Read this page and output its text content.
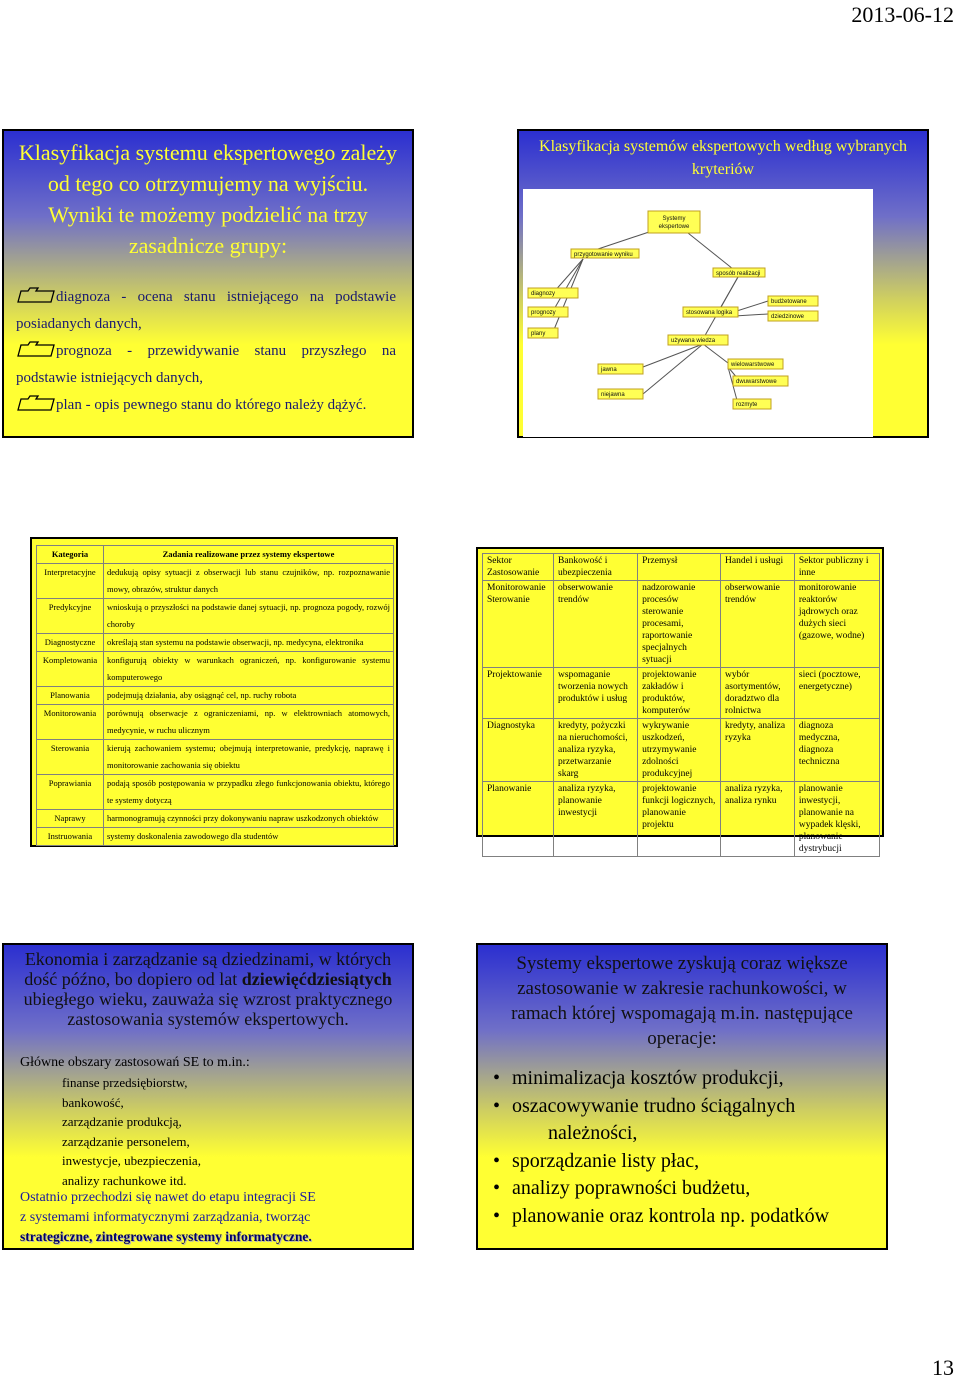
2013-06-12
Klasyfikacja systemu ekspertowego zależy od tego co otrzymujemy na wyjściu. Wyniki te możemy podzielić na trzy zasadnicze grupy:
diagnoza - ocena stanu istniejącego na podstawie posiadanych danych,
prognoza - przewidywanie stanu przyszłego na podstawie istniejących danych,
plan - opis pewnego stanu do którego należy dążyć.
Klasyfikacja systemów ekspertowych według wybranych kryteriów
Systemy
ekspertowe
przygotowanie wyniku
sposób realizacji
diagnozy
prognozy
plany
stosowana logika
budżetowane
dziedzinowe
używana wiedza
wielowarstwowe
jawna
dwuwarstwowe
niejawna
rozmyte
Kategoria	Zadania realizowane przez systemy ekspertowe
Interpretacyjne	dedukują opisy sytuacji z obserwacji lub stanu czujników, np. rozpoznawanie mowy, obrazów, struktur danych
Predykcyjne	wnioskują o przyszłości na podstawie danej sytuacji, np. prognoza pogody, rozwój choroby
Diagnostyczne	określają stan systemu na podstawie obserwacji, np. medycyna, elektronika
Kompletowania	konfigurują obiekty w warunkach ograniczeń, np. konfigurowanie systemu komputerowego
Planowania	podejmują działania, aby osiągnąć cel, np. ruchy robota
Monitorowania	porównują obserwacje z ograniczeniami, np. w elektrowniach atomowych, medycynie, w ruchu ulicznym
Sterowania	kierują zachowaniem systemu; obejmują interpretowanie, predykcję, naprawę i monitorowanie zachowania się obiektu
Poprawiania	podają sposób postępowania w przypadku złego funkcjonowania obiektu, którego te systemy dotyczą
Naprawy	harmonogramują czynności przy dokonywaniu napraw uszkodzonych obiektów
Instruowania	systemy doskonalenia zawodowego dla studentów
Sektor Zastosowanie	Bankowość i ubezpieczenia	Przemysł	Handel i usługi	Sektor publiczny i inne
Monitorowanie Sterowanie	obserwowanie trendów	nadzorowanie procesów sterowanie procesami, raportowanie specjalnych sytuacji	obserwowanie trendów	monitorowanie reaktorów jądrowych oraz dużych sieci (gazowe, wodne)
Projektowanie	wspomaganie tworzenia nowych produktów i usług	projektowanie zakładów i produktów, komputerów	wybór asortymentów, doradztwo dla rolnictwa	sieci (pocztowe, energetyczne)
Diagnostyka	kredyty, pożyczki na nieruchomości, analiza ryzyka, przetwarzanie skarg	wykrywanie uszkodzeń, utrzymywanie zdolności produkcyjnej	kredyty, analiza ryzyka	diagnoza medyczna, diagnoza techniczna
Planowanie	analiza ryzyka, planowanie inwestycji	projektowanie funkcji logicznych, planowanie projektu	analiza ryzyka, analiza rynku	planowanie inwestycji, planowanie na wypadek klęski, planowanie dystrybucji
Ekonomia i zarządzanie są dziedzinami, w których dość późno, bo dopiero od lat dziewięćdziesiątych ubiegłego wieku, zauważa się wzrost praktycznego zastosowania systemów ekspertowych.
Główne obszary zastosowań SE to m.in.:
finanse przedsiębiorstw,
bankowość,
zarządzanie produkcją,
zarządzanie personelem,
inwestycje, ubezpieczenia,
analizy rachunkowe itd.
Ostatnio przechodzi się nawet do etapu integracji SE
z systemami informatycznymi zarządzania, tworząc
strategiczne, zintegrowane systemy informatyczne.
Systemy ekspertowe zyskują coraz większe zastosowanie w zakresie rachunkowości, w ramach której wspomagają m.in. następujące operacje:
• minimalizacja kosztów produkcji,
• oszacowywanie trudno ściągalnych
należności,
• sporządzanie listy płac,
• analizy poprawności budżetu,
• planowanie oraz kontrola np. podatków
13
